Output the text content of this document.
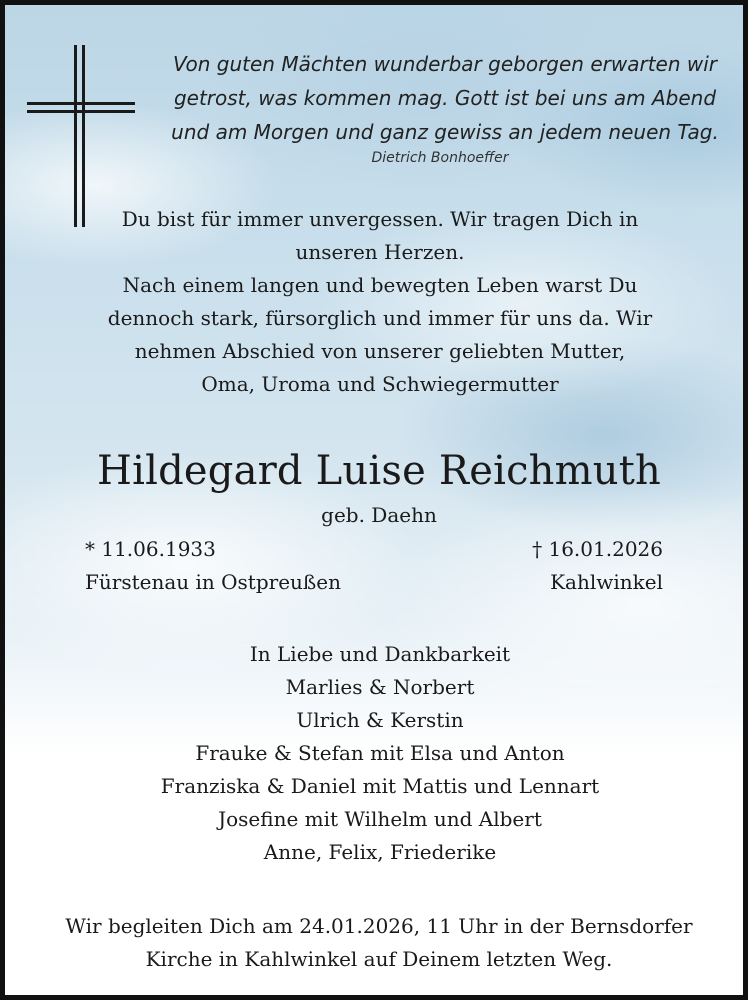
Von guten Mächten wunderbar geborgen erwarten wir
getrost, was kommen mag. Gott ist bei uns am Abend
und am Morgen und ganz gewiss an jedem neuen Tag.
Dietrich Bonhoeffer

Du bist für immer unvergessen. Wir tragen Dich in

unseren Herzen.

Nach einem langen und bewegten Leben warst Du

dennoch stark, fürsorglich und immer für uns da. Wir

nehmen Abschied von unserer geliebten Mutter,

Oma, Uroma und Schwiegermutter

Hildegard Luise Reichmuth
geb. Daehn
* 11.06.1933
Fürstenau in Ostpreußen
† 16.01.2026
Kahlwinkel
In Liebe und Dankbarkeit
Marlies & Norbert
Ulrich & Kerstin
Frauke & Stefan mit Elsa und Anton
Franziska & Daniel mit Mattis und Lennart
Josefine mit Wilhelm und Albert
Anne, Felix, Friederike

Wir begleiten Dich am 24.01.2026, 11 Uhr in der Bernsdorfer

Kirche in Kahlwinkel auf Deinem letzten Weg.
